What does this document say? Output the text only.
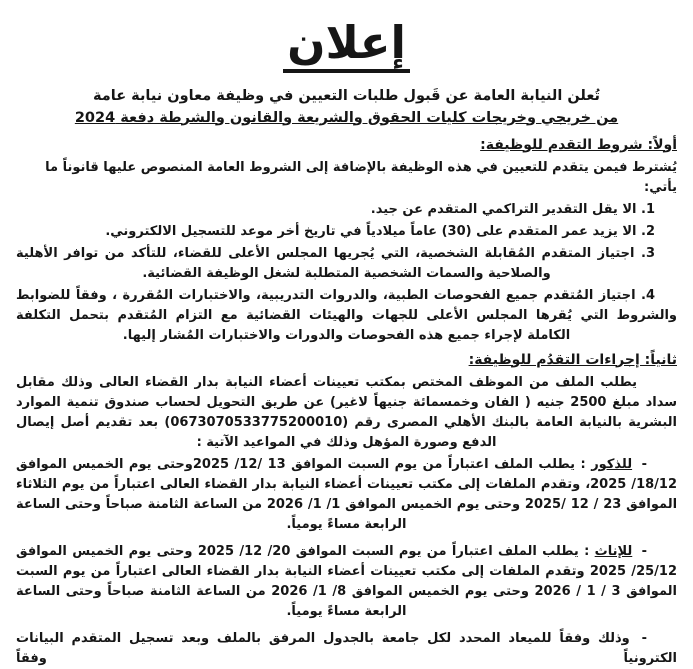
إعلان

تُعلن النيابة العامة عن قَبول طلبات التعيين في وظيفة معاون نيابة عامة

من خريجي وخريجات كليات الحقوق والشريعة والقانون والشرطة دفعة 2024

أولاً: شروط التقدم للوظيفة:

يُشترط فيمن يتقدم للتعيين في هذه الوظيفة بالإضافة إلى الشروط العامة المنصوص عليها قانوناً ما يأتي:

1. الا يقل التقدير التراكمي المتقدم عن جيد.

2. الا يزيد عمر المتقدم على (30) عاماً ميلادياً في تاريخ أخر موعد للتسجيل الالكتروني.

3. اجتياز المتقدم المُقابلة الشخصية، التي يُجريها المجلس الأعلى للقضاء، للتأكد من توافر الأهلية والصلاحية والسمات الشخصية المتطلبة لشغل الوظيفة القضائية.

4. اجتياز المُتقدم جميع الفحوصات الطبية، والدروات التدريبية، والاختبارات المُقررة ، وفقاً للضوابط والشروط التي يُقرها المجلس الأعلى للجهات والهيئات القضائية مع التزام المُتقدم بتحمل التكلفة الكاملة لإجراء جميع هذه الفحوصات والدورات والاختبارات المُشار إليها.

ثانياً: إجراءات التقدُم للوظيفة:

يطلب الملف من الموظف المختص بمكتب تعيينات أعضاء النيابة بدار القضاء العالى وذلك مقابل سداد مبلغ 2500 جنيه ( الفان وخمسمائة جنيهاً لاغير) عن طريق التحويل لحساب صندوق تنمية الموارد البشرية بالنيابة العامة بالبنك الأهلي المصرى رقم (0673070533775200010) بعد تقديم أصل إيصال الدفع وصورة المؤهل وذلك في المواعيد الآتية :

- للذكور : يطلب الملف اعتباراً من يوم السبت الموافق 13 /12/ 2025وحتى يوم الخميس الموافق 18/12/ 2025، وتقدم الملفات إلى مكتب تعيينات أعضاء النيابة بدار القضاء العالى اعتباراً من يوم الثلاثاء الموافق 23 / 12 /2025 وحتى يوم الخميس الموافق 1/ 1/ 2026 من الساعة الثامنة صباحاً وحتى الساعة الرابعة مساءً يومياً.

- للإناث : يطلب الملف اعتباراً من يوم السبت الموافق 20/ 12/ 2025 وحتى يوم الخميس الموافق 25/12/ 2025 وتقدم الملفات إلى مكتب تعيينات أعضاء النيابة بدار القضاء العالى اعتباراً من يوم السبت الموافق 3 / 1 / 2026 وحتى يوم الخميس الموافق 8/ 1/ 2026 من الساعة الثامنة صباحاً وحتى الساعة الرابعة مساءً يومياً.

- وذلك وفقاً للميعاد المحدد لكل جامعة بالجدول المرفق بالملف وبعد تسجيل المتقدم البيانات الكترونياً وفقاً
